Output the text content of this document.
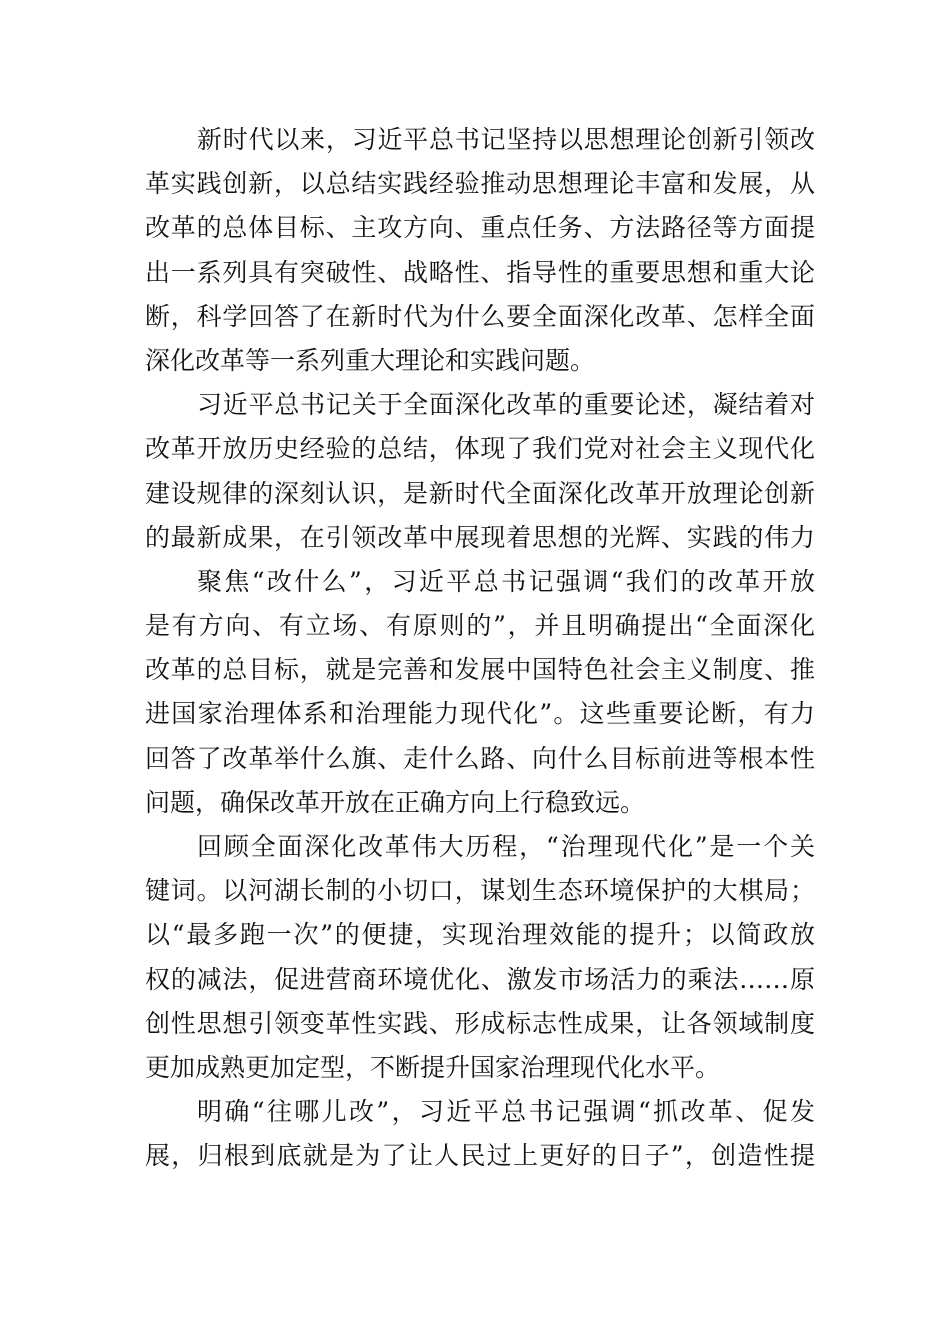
新时代以来，习近平总书记坚持以思想理论创新引领改
革实践创新，以总结实践经验推动思想理论丰富和发展，从
改革的总体目标、主攻方向、重点任务、方法路径等方面提
出一系列具有突破性、战略性、指导性的重要思想和重大论
断，科学回答了在新时代为什么要全面深化改革、怎样全面
深化改革等一系列重大理论和实践问题。
习近平总书记关于全面深化改革的重要论述，凝结着对
改革开放历史经验的总结，体现了我们党对社会主义现代化
建设规律的深刻认识，是新时代全面深化改革开放理论创新
的最新成果，在引领改革中展现着思想的光辉、实践的伟力
聚焦“改什么”，习近平总书记强调“我们的改革开放
是有方向、有立场、有原则的”，并且明确提出“全面深化
改革的总目标，就是完善和发展中国特色社会主义制度、推
进国家治理体系和治理能力现代化”。这些重要论断，有力
回答了改革举什么旗、走什么路、向什么目标前进等根本性
问题，确保改革开放在正确方向上行稳致远。
回顾全面深化改革伟大历程，“治理现代化”是一个关
键词。以河湖长制的小切口，谋划生态环境保护的大棋局；
以“最多跑一次”的便捷，实现治理效能的提升；以简政放
权的减法，促进营商环境优化、激发市场活力的乘法……原
创性思想引领变革性实践、形成标志性成果，让各领域制度
更加成熟更加定型，不断提升国家治理现代化水平。
明确“往哪儿改”，习近平总书记强调“抓改革、促发
展，归根到底就是为了让人民过上更好的日子”，创造性提
